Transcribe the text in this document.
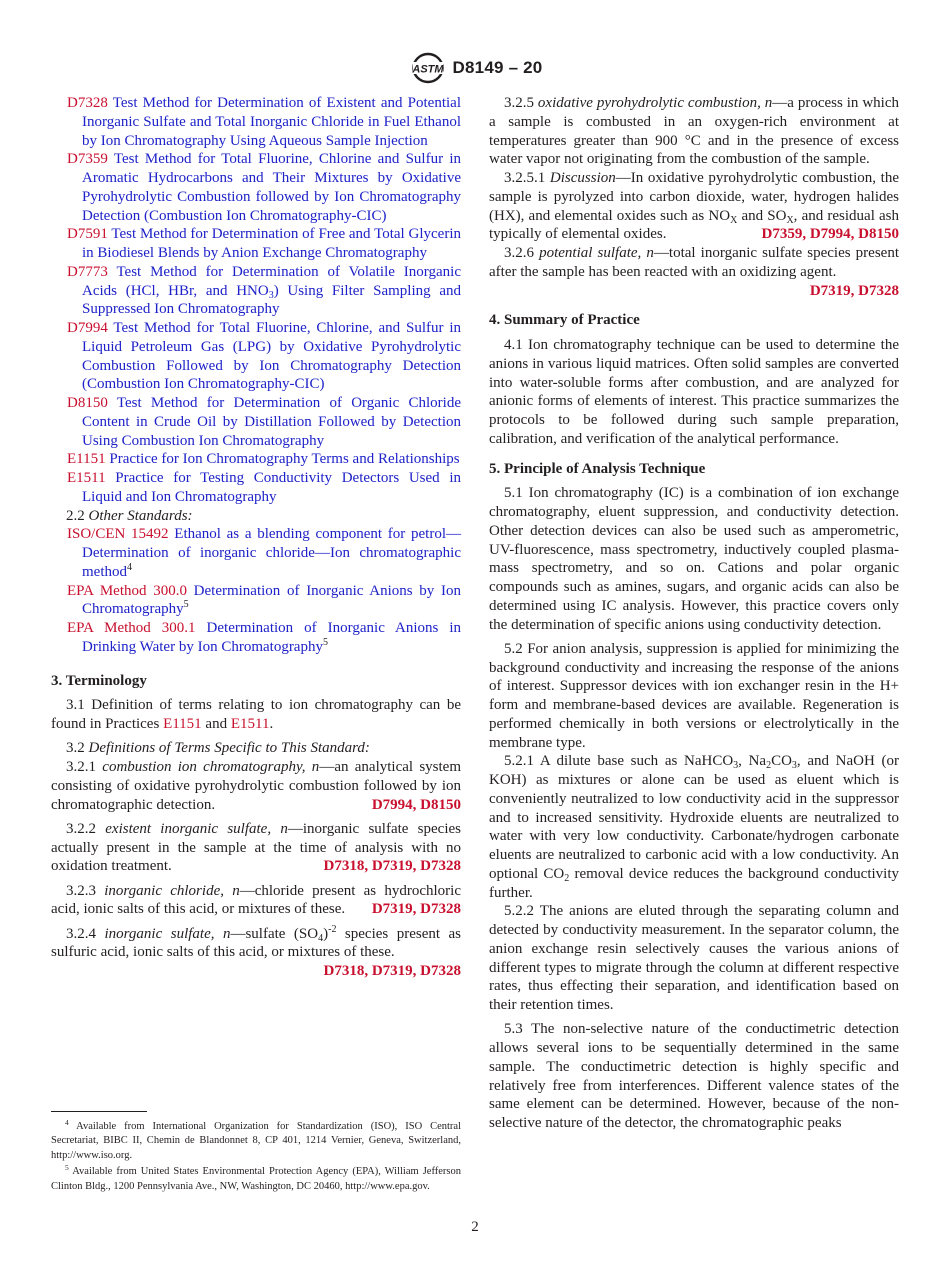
ASTM D8149 – 20
D7328 Test Method for Determination of Existent and Potential Inorganic Sulfate and Total Inorganic Chloride in Fuel Ethanol by Ion Chromatography Using Aqueous Sample Injection
D7359 Test Method for Total Fluorine, Chlorine and Sulfur in Aromatic Hydrocarbons and Their Mixtures by Oxidative Pyrohydrolytic Combustion followed by Ion Chromatography Detection (Combustion Ion Chromatography-CIC)
D7591 Test Method for Determination of Free and Total Glycerin in Biodiesel Blends by Anion Exchange Chromatography
D7773 Test Method for Determination of Volatile Inorganic Acids (HCl, HBr, and $HNO_3$) Using Filter Sampling and Suppressed Ion Chromatography
D7994 Test Method for Total Fluorine, Chlorine, and Sulfur in Liquid Petroleum Gas (LPG) by Oxidative Pyrohydrolytic Combustion Followed by Ion Chromatography Detection (Combustion Ion Chromatography-CIC)
D8150 Test Method for Determination of Organic Chloride Content in Crude Oil by Distillation Followed by Detection Using Combustion Ion Chromatography
E1151 Practice for Ion Chromatography Terms and Relationships
E1511 Practice for Testing Conductivity Detectors Used in Liquid and Ion Chromatography

2.2 Other Standards:

ISO/CEN 15492 Ethanol as a blending component for petrol—Determination of inorganic chloride—Ion chromatographic method$^4$
EPA Method 300.0 Determination of Inorganic Anions by Ion Chromatography$^5$
EPA Method 300.1 Determination of Inorganic Anions in Drinking Water by Ion Chromatography$^5$
3. Terminology

3.1 Definition of terms relating to ion chromatography can be found in Practices E1151 and E1511.

3.2 Definitions of Terms Specific to This Standard:

3.2.1 combustion ion chromatography, n—an analytical system consisting of oxidative pyrohydrolytic combustion followed by ion chromatographic detection.	D7994, D8150

3.2.2 existent inorganic sulfate, n—inorganic sulfate species actually present in the sample at the time of analysis with no oxidation treatment.	D7318, D7319, D7328

3.2.3 inorganic chloride, n—chloride present as hydrochloric acid, ionic salts of this acid, or mixtures of these. D7319, D7328

3.2.4 inorganic sulfate, n—sulfate $(SO_4)^{-2}$ species present as sulfuric acid, ionic salts of this acid, or mixtures of these.
D7318, D7319, D7328

$^4$ Available from International Organization for Standardization (ISO), ISO Central Secretariat, BIBC II, Chemin de Blandonnet 8, CP 401, 1214 Vernier, Geneva, Switzerland, http://www.iso.org.

$^5$ Available from United States Environmental Protection Agency (EPA), William Jefferson Clinton Bldg., 1200 Pennsylvania Ave., NW, Washington, DC 20460, http://www.epa.gov.

3.2.5 oxidative pyrohydrolytic combustion, n—a process in which a sample is combusted in an oxygen-rich environment at temperatures greater than 900 °C and in the presence of excess water vapor not originating from the combustion of the sample.

3.2.5.1 Discussion—In oxidative pyrohydrolytic combustion, the sample is pyrolyzed into carbon dioxide, water, hydrogen halides (HX), and elemental oxides such as $NO_X$ and $SO_X$, and residual ash typically of elemental oxides.	D7359, D7994, D8150

3.2.6 potential sulfate, n—total inorganic sulfate species present after the sample has been reacted with an oxidizing agent.
D7319, D7328

4. Summary of Practice

4.1 Ion chromatography technique can be used to determine the anions in various liquid matrices. Often solid samples are converted into water-soluble forms after combustion, and are analyzed for anionic forms of elements of interest. This practice summarizes the protocols to be followed during such sample preparation, calibration, and verification of the analytical performance.

5. Principle of Analysis Technique

5.1 Ion chromatography (IC) is a combination of ion exchange chromatography, eluent suppression, and conductivity detection. Other detection devices can also be used such as amperometric, UV-fluorescence, mass spectrometry, inductively coupled plasma-mass spectrometry, and so on. Cations and polar organic compounds such as amines, sugars, and organic acids can also be determined using IC analysis. However, this practice covers only the determination of specific anions using conductivity detection.

5.2 For anion analysis, suppression is applied for minimizing the background conductivity and increasing the response of the anions of interest. Suppressor devices with ion exchanger resin in the H+ form and membrane-based devices are available. Regeneration is performed chemically in both versions or electrolytically in the membrane type.

5.2.1 A dilute base such as NaHCO$_3$, $Na_2CO_3$, and NaOH (or KOH) as mixtures or alone can be used as eluent which is conveniently neutralized to low conductivity acid in the suppressor and to increased sensitivity. Hydroxide eluents are neutralized to water with very low conductivity. Carbonate/hydrogen carbonate eluents are neutralized to carbonic acid with a low conductivity. An optional $CO_2$ removal device reduces the background conductivity further.

5.2.2 The anions are eluted through the separating column and detected by conductivity measurement. In the separator column, the anion exchange resin selectively causes the various anions of different types to migrate through the column at different respective rates, thus effecting their separation, and identification based on their retention times.

5.3 The non-selective nature of the conductimetric detection allows several ions to be sequentially determined in the same sample. The conductimetric detection is highly specific and relatively free from interferences. Different valence states of the same element can be determined. However, because of the non-selective nature of the detector, the chromatographic peaks

2
